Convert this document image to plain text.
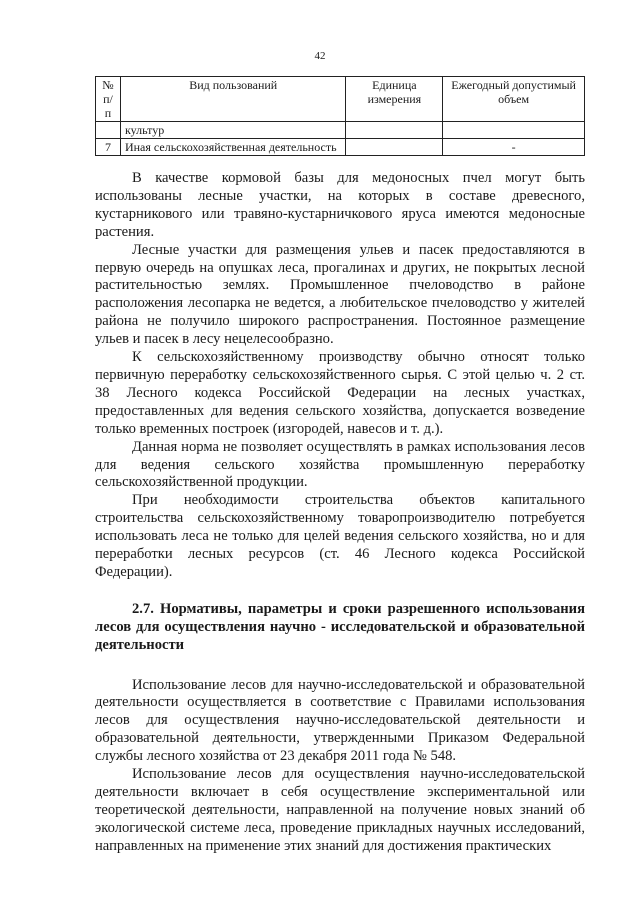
42
№ п/п	Вид пользований	Единица измерения	Ежегодный допустимый объем
	культур		
7	Иная сельскохозяйственная деятельность		-

В качестве кормовой базы для медоносных пчел могут быть использованы лесные участки, на которых в составе древесного, кустарникового или травяно-кустарничкового яруса имеются медоносные растения.

Лесные участки для размещения ульев и пасек предоставляются в первую очередь на опушках леса, прогалинах и других, не покрытых лесной растительностью землях. Промышленное пчеловодство в районе расположения лесопарка не ведется, а любительское пчеловодство у жителей района не получило широкого распространения. Постоянное размещение ульев и пасек в лесу нецелесообразно.

К сельскохозяйственному производству обычно относят только первичную переработку сельскохозяйственного сырья. С этой целью ч. 2 ст. 38 Лесного кодекса Российской Федерации на лесных участках, предоставленных для ведения сельского хозяйства, допускается возведение только временных построек (изгородей, навесов и т. д.).

Данная норма не позволяет осуществлять в рамках использования лесов для ведения сельского хозяйства промышленную переработку сельскохозяйственной продукции.

При необходимости строительства объектов капитального строительства сельскохозяйственному товаропроизводителю потребуется использовать леса не только для целей ведения сельского хозяйства, но и для переработки лесных ресурсов (ст. 46 Лесного кодекса Российской Федерации).

2.7. Нормативы, параметры и сроки разрешенного использования лесов для осуществления научно - исследовательской и образовательной деятельности

Использование лесов для научно-исследовательской и образовательной деятельности осуществляется в соответствие с Правилами использования лесов для осуществления научно-исследовательской деятельности и образовательной деятельности, утвержденными Приказом Федеральной службы лесного хозяйства от 23 декабря 2011 года № 548.

Использование лесов для осуществления научно-исследовательской деятельности включает в себя осуществление экспериментальной или теоретической деятельности, направленной на получение новых знаний об экологической системе леса, проведение прикладных научных исследований, направленных на применение этих знаний для достижения практических
